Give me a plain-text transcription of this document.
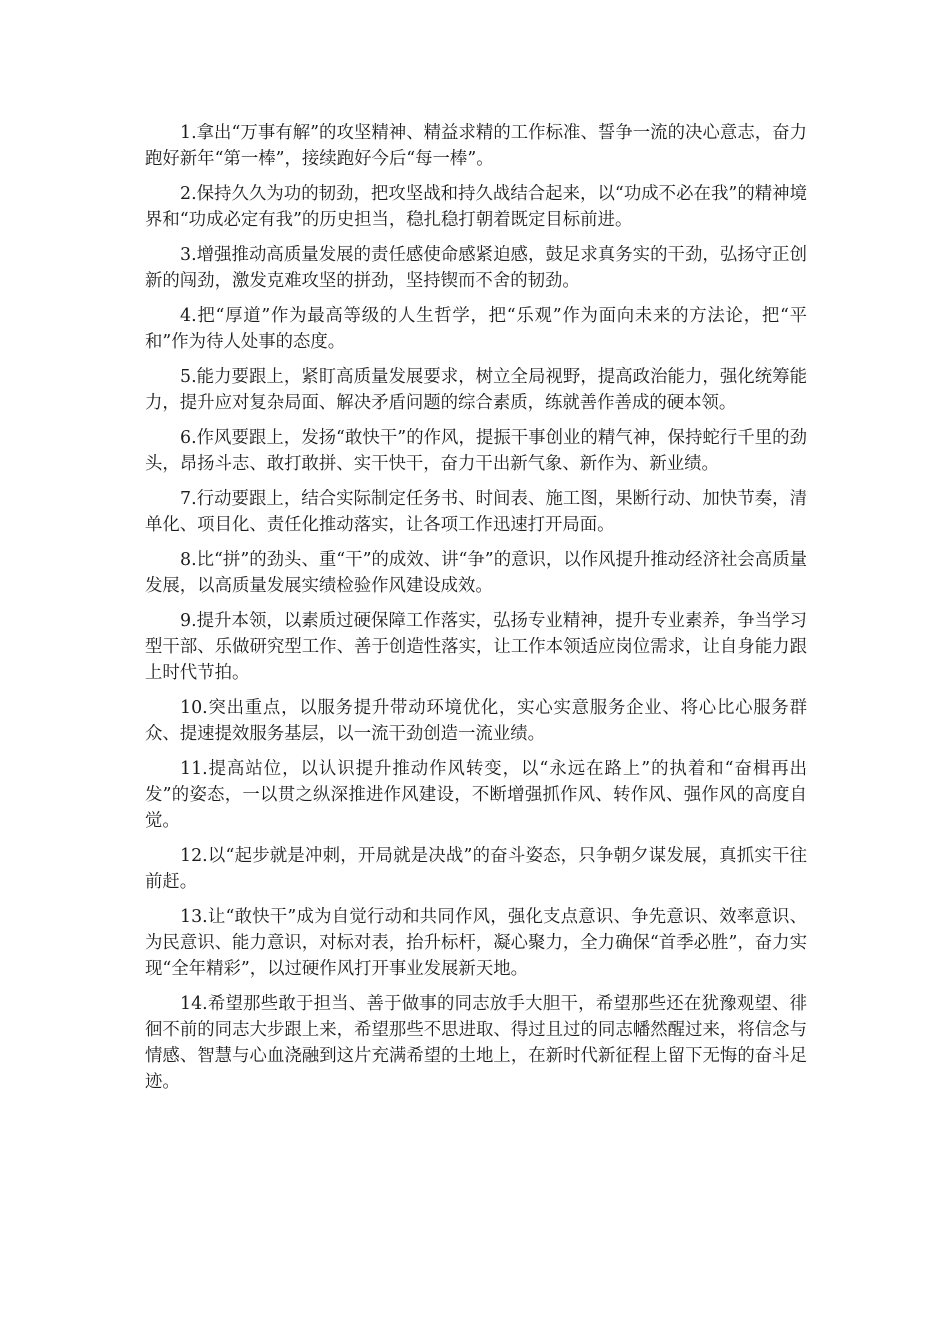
1.拿出“万事有解”的攻坚精神、精益求精的工作标准、誓争一流的决心意志，奋力跑好新年“第一棒”，接续跑好今后“每一棒”。

2.保持久久为功的韧劲，把攻坚战和持久战结合起来，以“功成不必在我”的精神境界和“功成必定有我”的历史担当，稳扎稳打朝着既定目标前进。

3.增强推动高质量发展的责任感使命感紧迫感，鼓足求真务实的干劲，弘扬守正创新的闯劲，激发克难攻坚的拼劲，坚持锲而不舍的韧劲。

4.把“厚道”作为最高等级的人生哲学，把“乐观”作为面向未来的方法论，把“平和”作为待人处事的态度。

5.能力要跟上，紧盯高质量发展要求，树立全局视野，提高政治能力，强化统筹能力，提升应对复杂局面、解决矛盾问题的综合素质，练就善作善成的硬本领。

6.作风要跟上，发扬“敢快干”的作风，提振干事创业的精气神，保持蛇行千里的劲头，昂扬斗志、敢打敢拼、实干快干，奋力干出新气象、新作为、新业绩。

7.行动要跟上，结合实际制定任务书、时间表、施工图，果断行动、加快节奏，清单化、项目化、责任化推动落实，让各项工作迅速打开局面。

8.比“拼”的劲头、重“干”的成效、讲“争”的意识，以作风提升推动经济社会高质量发展，以高质量发展实绩检验作风建设成效。

9.提升本领，以素质过硬保障工作落实，弘扬专业精神，提升专业素养，争当学习型干部、乐做研究型工作、善于创造性落实，让工作本领适应岗位需求，让自身能力跟上时代节拍。

10.突出重点，以服务提升带动环境优化，实心实意服务企业、将心比心服务群众、提速提效服务基层，以一流干劲创造一流业绩。

11.提高站位，以认识提升推动作风转变，以“永远在路上”的执着和“奋楫再出发”的姿态，一以贯之纵深推进作风建设，不断增强抓作风、转作风、强作风的高度自觉。

12.以“起步就是冲刺，开局就是决战”的奋斗姿态，只争朝夕谋发展，真抓实干往前赶。

13.让“敢快干”成为自觉行动和共同作风，强化支点意识、争先意识、效率意识、为民意识、能力意识，对标对表，抬升标杆，凝心聚力，全力确保“首季必胜”，奋力实现“全年精彩”，以过硬作风打开事业发展新天地。

14.希望那些敢于担当、善于做事的同志放手大胆干，希望那些还在犹豫观望、徘徊不前的同志大步跟上来，希望那些不思进取、得过且过的同志幡然醒过来，将信念与情感、智慧与心血浇融到这片充满希望的土地上，在新时代新征程上留下无悔的奋斗足迹。
